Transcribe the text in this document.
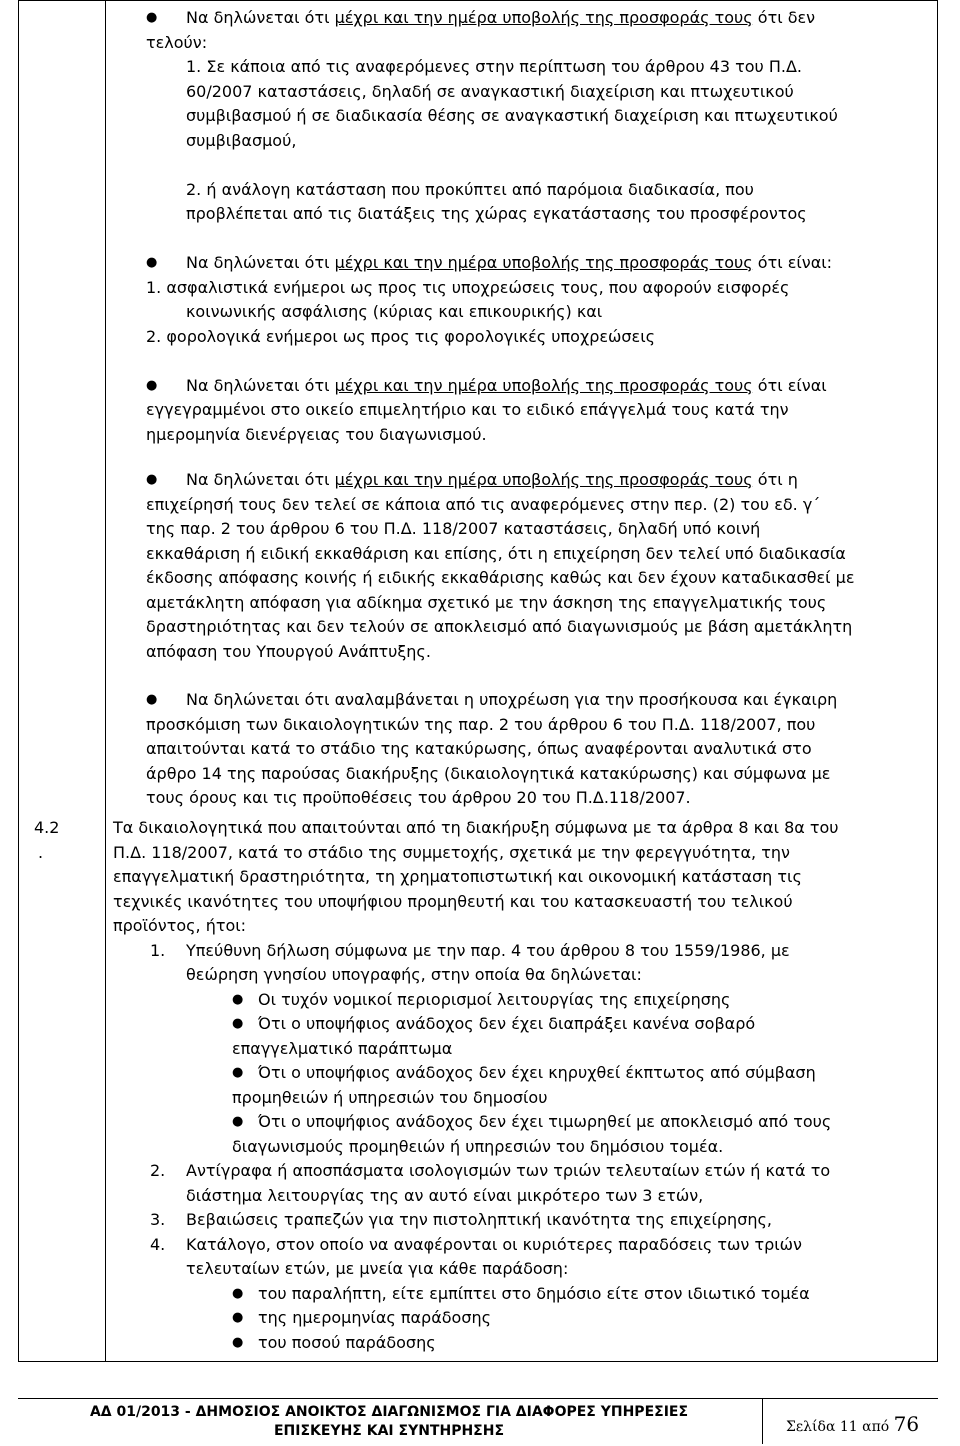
● Να δηλώνεται ότι μέχρι και την ημέρα υποβολής της προσφοράς τους ότι δεν
τελούν:
1. Σε κάποια από τις αναφερόμενες στην περίπτωση του άρθρου 43 του Π.Δ.
60/2007 καταστάσεις, δηλαδή σε αναγκαστική διαχείριση και πτωχευτικού
συμβιβασμού ή σε διαδικασία θέσης σε αναγκαστική διαχείριση και πτωχευτικού
συμβιβασμού,
2. ή ανάλογη κατάσταση που προκύπτει από παρόμοια διαδικασία, που
προβλέπεται από τις διατάξεις της χώρας εγκατάστασης του προσφέροντος
● Να δηλώνεται ότι μέχρι και την ημέρα υποβολής της προσφοράς τους ότι είναι:
1. ασφαλιστικά ενήμεροι ως προς τις υποχρεώσεις τους, που αφορούν εισφορές
κοινωνικής ασφάλισης (κύριας και επικουρικής) και
2. φορολογικά ενήμεροι ως προς τις φορολογικές υποχρεώσεις
● Να δηλώνεται ότι μέχρι και την ημέρα υποβολής της προσφοράς τους ότι είναι
εγγεγραμμένοι στο οικείο επιμελητήριο και το ειδικό επάγγελμά τους κατά την
ημερομηνία διενέργειας του διαγωνισμού.
● Να δηλώνεται ότι μέχρι και την ημέρα υποβολής της προσφοράς τους ότι η
επιχείρησή τους δεν τελεί σε κάποια από τις αναφερόμενες στην περ. (2) του εδ. γ΄
της παρ. 2 του άρθρου 6 του Π.Δ. 118/2007 καταστάσεις, δηλαδή υπό κοινή
εκκαθάριση ή ειδική εκκαθάριση και επίσης, ότι η επιχείρηση δεν τελεί υπό διαδικασία
έκδοσης απόφασης κοινής ή ειδικής εκκαθάρισης καθώς και δεν έχουν καταδικασθεί με
αμετάκλητη απόφαση για αδίκημα σχετικό με την άσκηση της επαγγελματικής τους
δραστηριότητας και δεν τελούν σε αποκλεισμό από διαγωνισμούς με βάση αμετάκλητη
απόφαση του Υπουργού Ανάπτυξης.
● Να δηλώνεται ότι αναλαμβάνεται η υποχρέωση για την προσήκουσα και έγκαιρη
προσκόμιση των δικαιολογητικών της παρ. 2 του άρθρου 6 του Π.Δ. 118/2007, που
απαιτούνται κατά το στάδιο της κατακύρωσης, όπως αναφέρονται αναλυτικά στο
άρθρο 14 της παρούσας διακήρυξης (δικαιολογητικά κατακύρωσης) και σύμφωνα με
τους όρους και τις προϋποθέσεις του άρθρου 20 του Π.Δ.118/2007.
4.2
.
Τα δικαιολογητικά που απαιτούνται από τη διακήρυξη σύμφωνα με τα άρθρα 8 και 8α του
Π.Δ. 118/2007, κατά το στάδιο της συμμετοχής, σχετικά με την φερεγγυότητα, την
επαγγελματική δραστηριότητα, τη χρηματοπιστωτική και οικονομική κατάσταση τις
τεχνικές ικανότητες του υποψήφιου προμηθευτή και του κατασκευαστή του τελικού
προϊόντος, ήτοι:
1. Υπεύθυνη δήλωση σύμφωνα με την παρ. 4 του άρθρου 8 του 1559/1986, με
θεώρηση γνησίου υπογραφής, στην οποία θα δηλώνεται:
● Οι τυχόν νομικοί περιορισμοί λειτουργίας της επιχείρησης
● Ότι ο υποψήφιος ανάδοχος δεν έχει διαπράξει κανένα σοβαρό
επαγγελματικό παράπτωμα
● Ότι ο υποψήφιος ανάδοχος δεν έχει κηρυχθεί έκπτωτος από σύμβαση
προμηθειών ή υπηρεσιών του δημοσίου
● Ότι ο υποψήφιος ανάδοχος δεν έχει τιμωρηθεί με αποκλεισμό από τους
διαγωνισμούς προμηθειών ή υπηρεσιών του δημόσιου τομέα.
2. Αντίγραφα ή αποσπάσματα ισολογισμών των τριών τελευταίων ετών ή κατά το
διάστημα λειτουργίας της αν αυτό είναι μικρότερο των 3 ετών,
3. Βεβαιώσεις τραπεζών για την πιστοληπτική ικανότητα της επιχείρησης,
4. Κατάλογο, στον οποίο να αναφέρονται οι κυριότερες παραδόσεις των τριών
τελευταίων ετών, με μνεία για κάθε παράδοση:
● του παραλήπτη, είτε εμπίπτει στο δημόσιο είτε στον ιδιωτικό τομέα
● της ημερομηνίας παράδοσης
● του ποσού παράδοσης
ΑΔ 01/2013 - ΔΗΜΟΣΙΟΣ ΑΝΟΙΚΤΟΣ ΔΙΑΓΩΝΙΣΜΟΣ ΓΙΑ ΔΙΑΦΟΡΕΣ ΥΠΗΡΕΣΙΕΣ
ΕΠΙΣΚΕΥΗΣ ΚΑΙ ΣΥΝΤΗΡΗΣΗΣ	Σελίδα 11 από 76
